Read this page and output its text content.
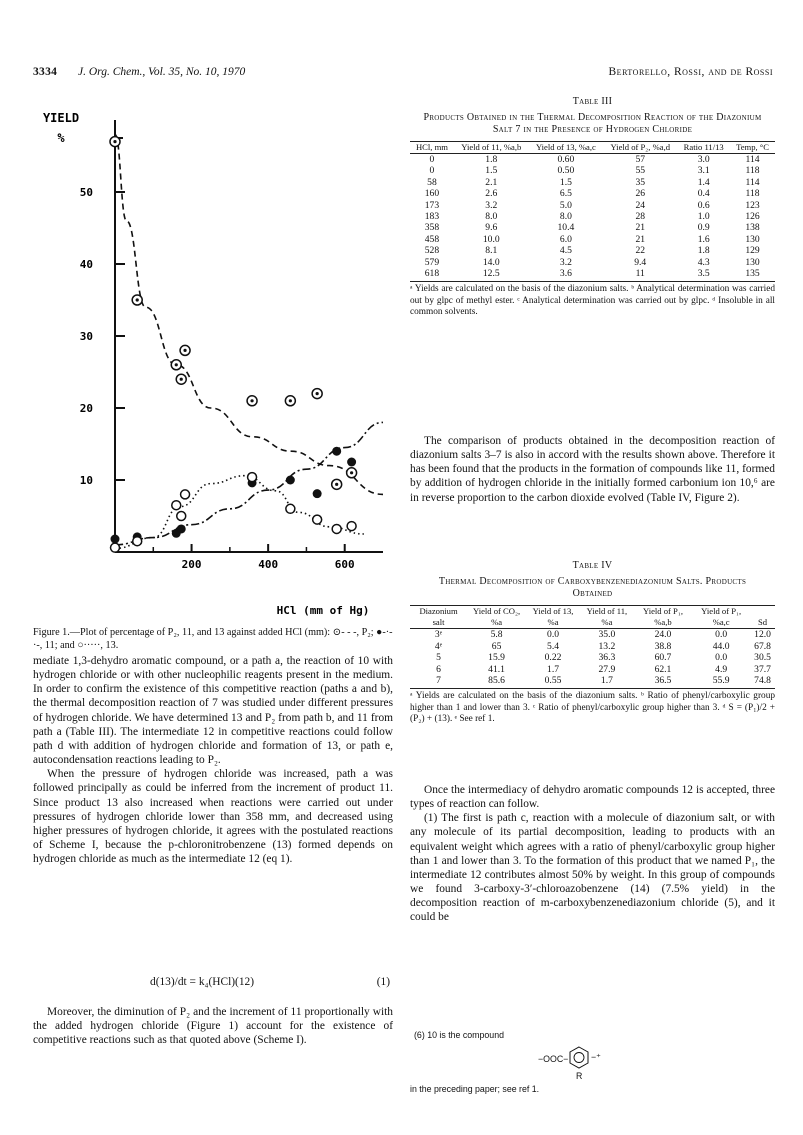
3334 J. Org. Chem., Vol. 35, No. 10, 1970	Bertorello, Rossi, and de Rossi
YIELD
%
10
20
30
40
50
200	400	600
HCl (mm of Hg)
Figure 1.—Plot of percentage of P₂, 11, and 13 against added HCl (mm): ⊙- - -, P₂; ●-·-·-, 11; and ○·····, 13.

mediate 1,3-dehydro aromatic compound, or a path a, the reaction of 10 with hydrogen chloride or with other nucleophilic reagents present in the medium. In order to confirm the existence of this competitive reaction (paths a and b), the thermal decomposition reaction of 7 was studied under different pressures of hydrogen chloride. We have determined 13 and P₂ from path b, and 11 from path a (Table III). The intermediate 12 in competitive reactions could follow path d with addition of hydrogen chloride and formation of 13, or path e, autocondensation reactions leading to P₂.

When the pressure of hydrogen chloride was increased, path a was followed principally as could be inferred from the increment of product 11. Since product 13 also increased when reactions were carried out under pressures of hydrogen chloride lower than 358 mm, and decreased using higher pressures of hydrogen chloride, it agrees with the postulated reactions of Scheme I, because the p-chloronitrobenzene (13) formed depends on hydrogen chloride as much as the intermediate 12 (eq 1).

d(13)/dt = k₄(HCl)(12)	(1)

Moreover, the diminution of P₂ and the increment of 11 proportionally with the added hydrogen chloride (Figure 1) account for the existence of competitive reactions such as that quoted above (Scheme I).

Table III
Products Obtained in the Thermal Decomposition Reaction of the Diazonium Salt 7 in the Presence of Hydrogen Chloride
HCl, mm	Yield of 11, %a,b	Yield of 13, %a,c	Yield of P₂, %a,d	Ratio 11/13	Temp, °C
0	1.8	0.60	57	3.0	114
0	1.5	0.50	55	3.1	118
58	2.1	1.5	35	1.4	114
160	2.6	6.5	26	0.4	118
173	3.2	5.0	24	0.6	123
183	8.0	8.0	28	1.0	126
358	9.6	10.4	21	0.9	138
458	10.0	6.0	21	1.6	130
528	8.1	4.5	22	1.8	129
579	14.0	3.2	9.4	4.3	130
618	12.5	3.6	11	3.5	135
ᵃ Yields are calculated on the basis of the diazonium salts. ᵇ Analytical determination was carried out by glpc of methyl ester. ᶜ Analytical determination was carried out by glpc. ᵈ Insoluble in all common solvents.

The comparison of products obtained in the decomposition reaction of diazonium salts 3–7 is also in accord with the results shown above. Therefore it has been found that the products in the formation of compounds like 11, formed by addition of hydrogen chloride in the initially formed carbonium ion 10,⁶ are in reverse proportion to the carbon dioxide evolved (Table IV, Figure 2).

Table IV
Thermal Decomposition of Carboxybenzenediazonium Salts. Products Obtained
Diazonium salt	Yield of CO₂, %a	Yield of 13, %a	Yield of 11, %a	Yield of P₁, %a,b	Yield of P₁, %a,c	Sd
3ᵉ	5.8	0.0	35.0	24.0	0.0	12.0
4ᵉ	65	5.4	13.2	38.8	44.0	67.8
5	15.9	0.22	36.3	60.7	0.0	30.5
6	41.1	1.7	27.9	62.1	4.9	37.7
7	85.6	0.55	1.7	36.5	55.9	74.8
ᵃ Yields are calculated on the basis of the diazonium salts. ᵇ Ratio of phenyl/carboxylic group higher than 1 and lower than 3. ᶜ Ratio of phenyl/carboxylic group higher than 3. ᵈ S = (P₁)/2 + (P₂) + (13). ᵉ See ref 1.

Once the intermediacy of dehydro aromatic compounds 12 is accepted, three types of reaction can follow.

(1) The first is path c, reaction with a molecule of diazonium salt, or with any molecule of its partial decomposition, leading to products with an equivalent weight which agrees with a ratio of phenyl/carboxylic group higher than 1 and lower than 3. To the formation of this product that we named P₁, the intermediate 12 contributes almost 50% by weight. In this group of compounds we found 3-carboxy-3′-chloroazobenzene (14) (7.5% yield) in the decomposition reaction of m-carboxybenzenediazonium chloride (5), and it could be

(6) 10 is the compound
−OOC−	−⁺
R
in the preceding paper; see ref 1.
